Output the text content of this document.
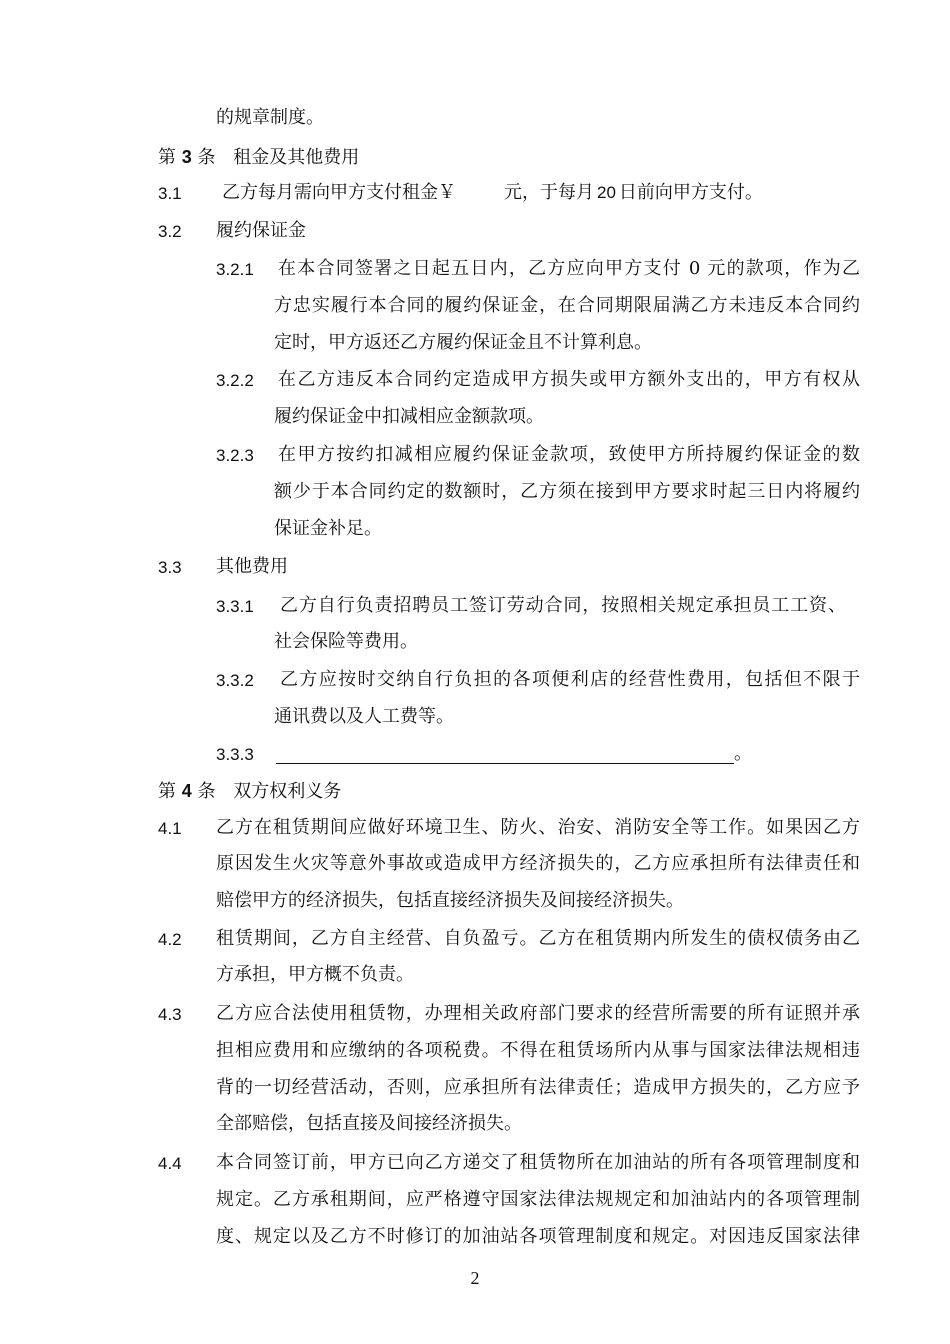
的规章制度。
第 3 条 租金及其他费用
3.1 乙方每月需向甲方支付租金￥	元，于每月 20 日前向甲方支付。
3.2 履约保证金
3.2.1 在本合同签署之日起五日内，乙方应向甲方支付 0 元的款项，作为乙
方忠实履行本合同的履约保证金，在合同期限届满乙方未违反本合同约
定时，甲方返还乙方履约保证金且不计算利息。
3.2.2 在乙方违反本合同约定造成甲方损失或甲方额外支出的，甲方有权从
履约保证金中扣减相应金额款项。
3.2.3 在甲方按约扣减相应履约保证金款项，致使甲方所持履约保证金的数
额少于本合同约定的数额时，乙方须在接到甲方要求时起三日内将履约
保证金补足。
3.3 其他费用
3.3.1 乙方自行负责招聘员工签订劳动合同，按照相关规定承担员工工资、
社会保险等费用。
3.3.2 乙方应按时交纳自行负担的各项便利店的经营性费用，包括但不限于
通讯费以及人工费等。
3.3.3	。
第 4 条 双方权利义务
4.1 乙方在租赁期间应做好环境卫生、防火、治安、消防安全等工作。如果因乙方
原因发生火灾等意外事故或造成甲方经济损失的，乙方应承担所有法律责任和
赔偿甲方的经济损失，包括直接经济损失及间接经济损失。
4.2 租赁期间，乙方自主经营、自负盈亏。乙方在租赁期内所发生的债权债务由乙
方承担，甲方概不负责。
4.3 乙方应合法使用租赁物，办理相关政府部门要求的经营所需要的所有证照并承
担相应费用和应缴纳的各项税费。不得在租赁场所内从事与国家法律法规相违
背的一切经营活动，否则，应承担所有法律责任；造成甲方损失的，乙方应予
全部赔偿，包括直接及间接经济损失。
4.4 本合同签订前，甲方已向乙方递交了租赁物所在加油站的所有各项管理制度和
规定。乙方承租期间，应严格遵守国家法律法规规定和加油站内的各项管理制
度、规定以及乙方不时修订的加油站各项管理制度和规定。对因违反国家法律
2
